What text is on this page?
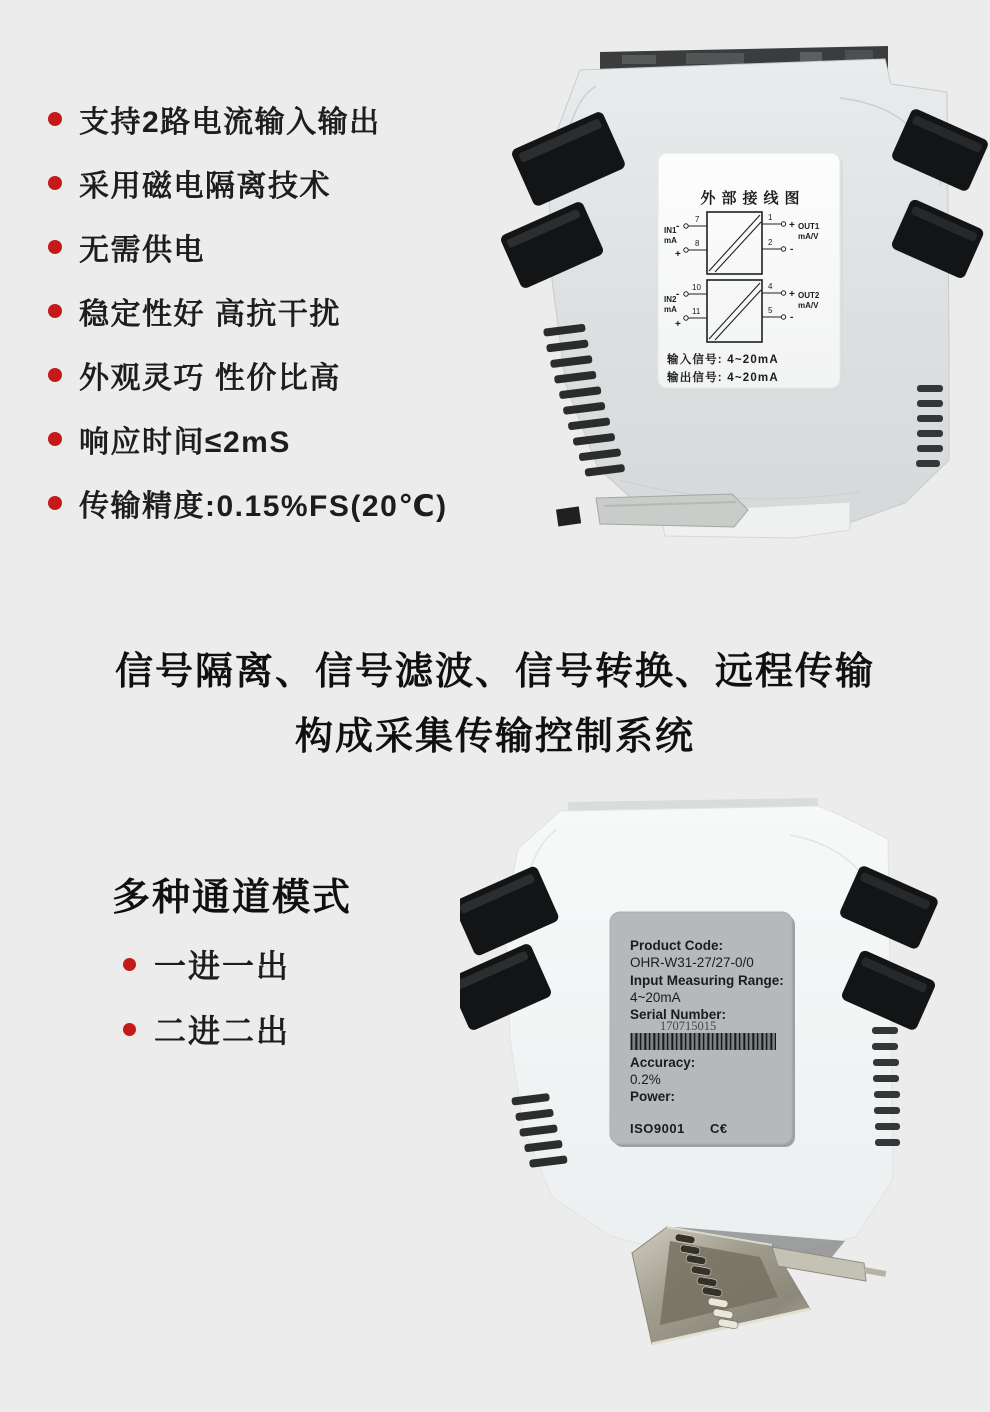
支持2路电流输入输出
采用磁电隔离技术
无需供电
稳定性好 高抗干扰
外观灵巧 性价比高
响应时间≤2mS
传输精度:0.15%FS(20℃)
外部接线图
IN1
mA
-
+
7
8
IN2
mA
-
+
10
11
1
+ OUT1
mA/V
2
-
4
+ OUT2
mA/V
5
-
输入信号: 4~20mA
输出信号: 4~20mA
信号隔离、信号滤波、信号转换、远程传输
构成采集传输控制系统
多种通道模式
一进一出
二进二出
Product Code:
OHR-W31-27/27-0/0
Input Measuring Range:
4~20mA
Serial Number:
170715015
Accuracy:
0.2%
Power:
ISO9001 C€
